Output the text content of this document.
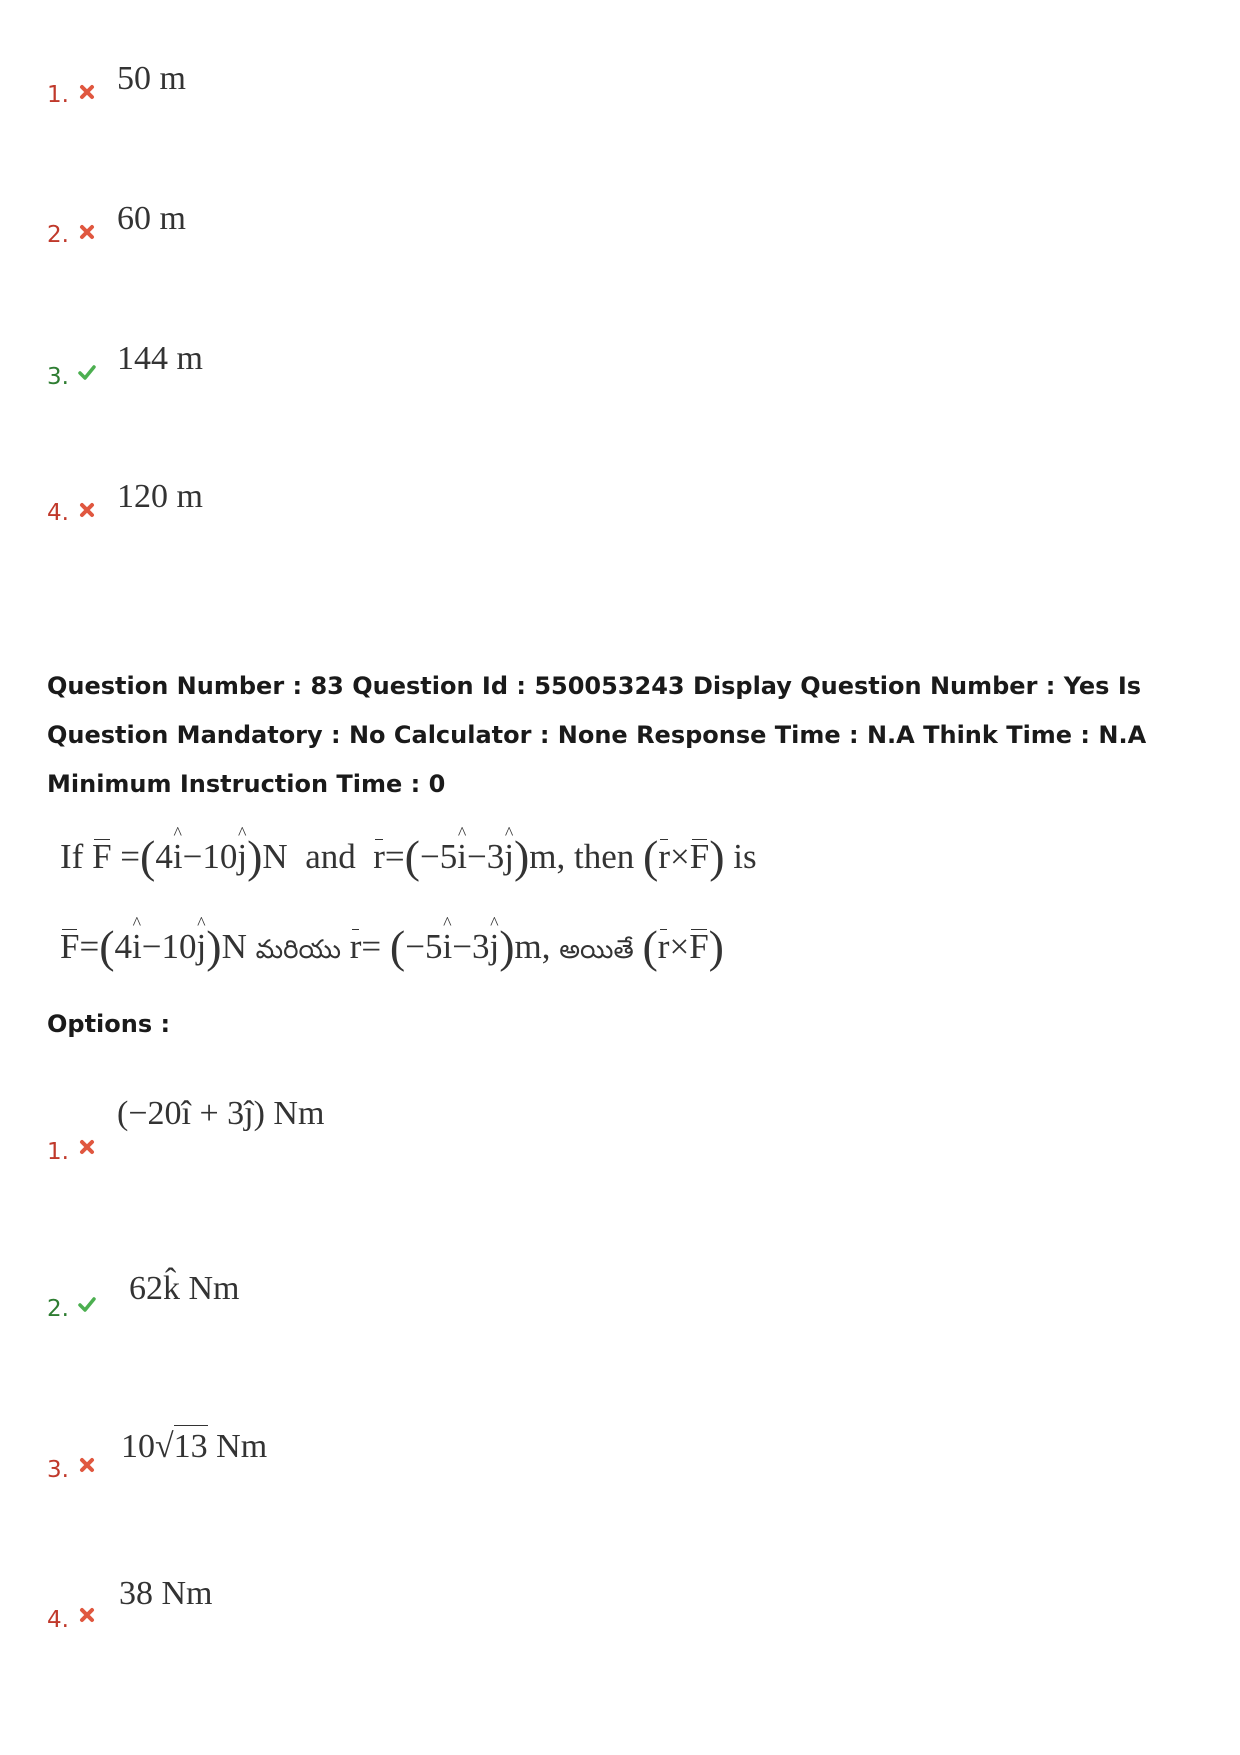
1. 50 m
2. 60 m
3. 144 m
4. 120 m
Question Number : 83 Question Id : 550053243 Display Question Number : Yes Is Question Mandatory : No Calculator : None Response Time : N.A Think Time : N.A Minimum Instruction Time : 0
If F =(4^ i−10^ j)N and r=(−5^ i−3^ j)m, then (r×F) is
F=(4^ i−10^ j)N మరియు r= (−5^ i−3^ j)m, అయితే (r×F)
Options :
1.
(−20î + 3ĵ) Nm
2.
62k̂ Nm
3.
10√13 Nm
4.
38 Nm
